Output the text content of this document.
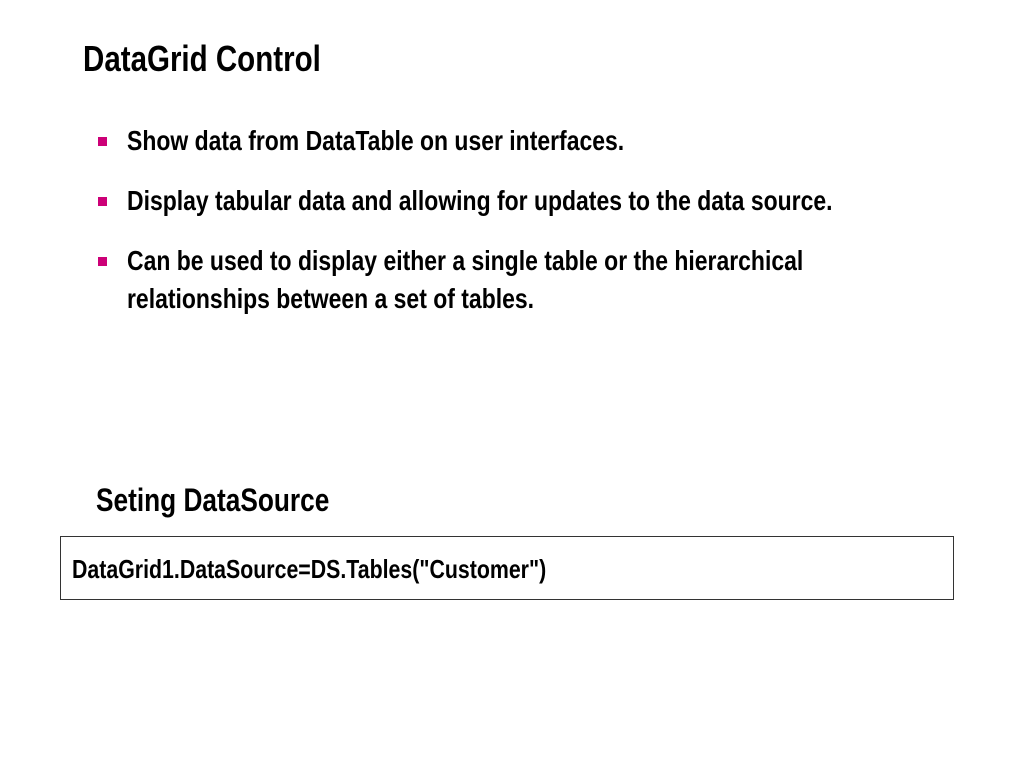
DataGrid Control
Show data from DataTable on user interfaces.
Display tabular data and allowing for updates to the data source.
Can be used to display either a single table or the hierarchical relationships between a set of tables.
Seting DataSource
DataGrid1.DataSource=DS.Tables("Customer")
